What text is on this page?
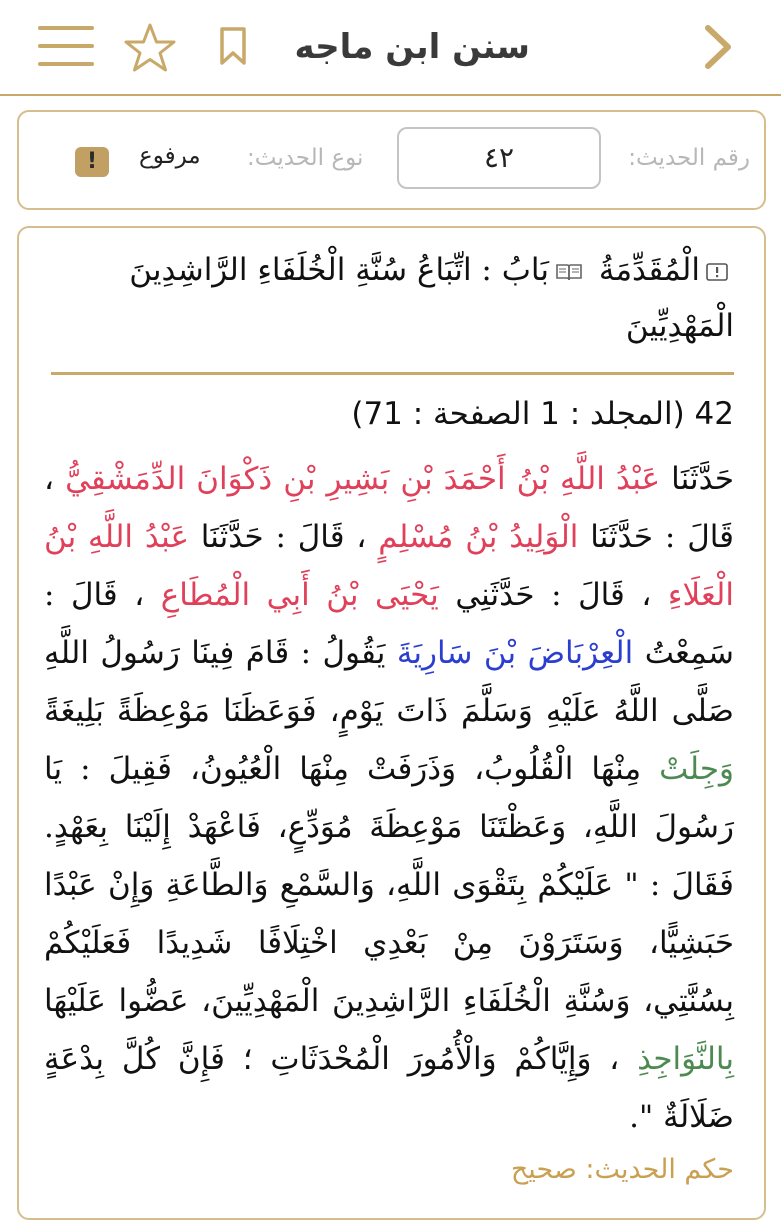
سنن ابن ماجه
رقم الحديث:
٤٢
نوع الحديث:
مرفوع
!
الْمُقَدِّمَةُ بَابُ : اتِّبَاعُ سُنَّةِ الْخُلَفَاءِ الرَّاشِدِينَ الْمَهْدِيِّينَ
42 (المجلد : 1 الصفحة : 71)
حَدَّثَنَا عَبْدُ اللَّهِ بْنُ أَحْمَدَ بْنِ بَشِيرِ بْنِ ذَكْوَانَ الدِّمَشْقِيُّ ، قَالَ : حَدَّثَنَا الْوَلِيدُ بْنُ مُسْلِمٍ ، قَالَ : حَدَّثَنَا عَبْدُ اللَّهِ بْنُ الْعَلَاءِ ، قَالَ : حَدَّثَنِي يَحْيَى بْنُ أَبِي الْمُطَاعِ ، قَالَ : سَمِعْتُ الْعِرْبَاضَ بْنَ سَارِيَةَ يَقُولُ : قَامَ فِينَا رَسُولُ اللَّهِ صَلَّى اللَّهُ عَلَيْهِ وَسَلَّمَ ذَاتَ يَوْمٍ، فَوَعَظَنَا مَوْعِظَةً بَلِيغَةً وَجِلَتْ مِنْهَا الْقُلُوبُ، وَذَرَفَتْ مِنْهَا الْعُيُونُ، فَقِيلَ : يَا رَسُولَ اللَّهِ، وَعَظْتَنَا مَوْعِظَةَ مُوَدِّعٍ، فَاعْهَدْ إِلَيْنَا بِعَهْدٍ. فَقَالَ : " عَلَيْكُمْ بِتَقْوَى اللَّهِ، وَالسَّمْعِ وَالطَّاعَةِ وَإِنْ عَبْدًا حَبَشِيًّا، وَسَتَرَوْنَ مِنْ بَعْدِي اخْتِلَافًا شَدِيدًا فَعَلَيْكُمْ بِسُنَّتِي، وَسُنَّةِ الْخُلَفَاءِ الرَّاشِدِينَ الْمَهْدِيِّينَ، عَضُّوا عَلَيْهَا بِالنَّوَاجِذِ ، وَإِيَّاكُمْ وَالْأُمُورَ الْمُحْدَثَاتِ ؛ فَإِنَّ كُلَّ بِدْعَةٍ ضَلَالَةٌ ".
حكم الحديث: صحيح
